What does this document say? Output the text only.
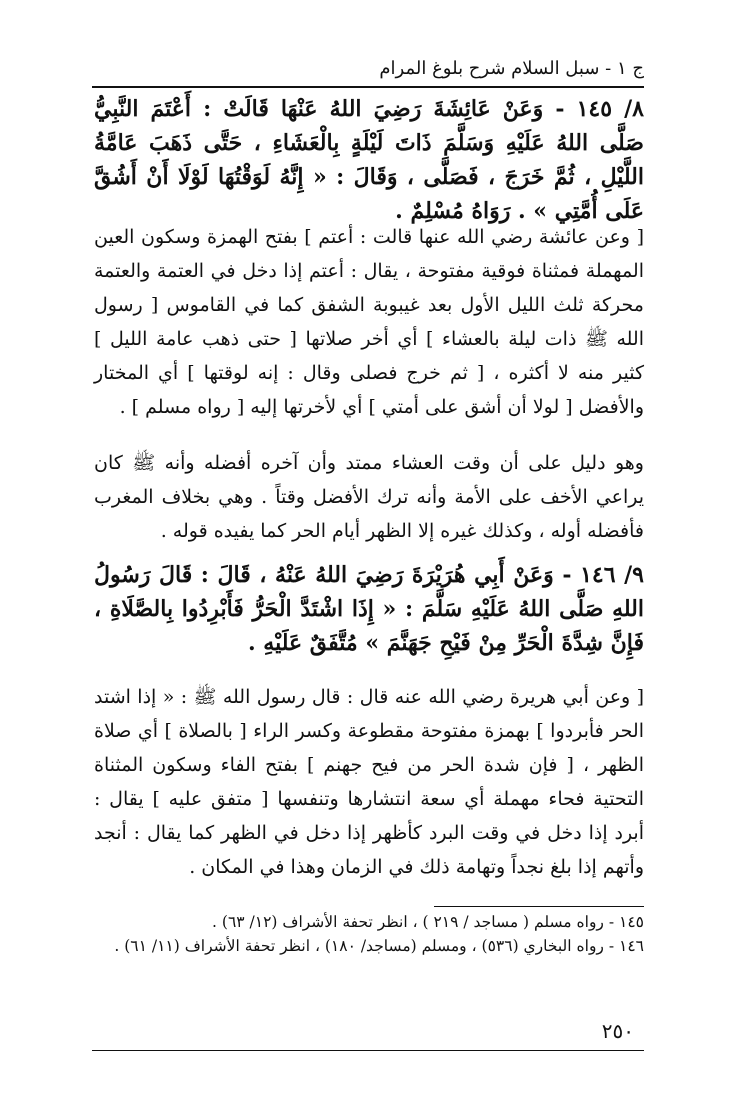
ج ١ - سبل السلام شرح بلوغ المرام

٨/ ١٤٥ - وَعَنْ عَائِشَةَ رَضِيَ اللهُ عَنْهَا قَالَتْ : أَعْتَمَ النَّبِيُّ صَلَّى اللهُ عَلَيْهِ وَسَلَّمَ ذَاتَ لَيْلَةٍ بِالْعَشَاءِ ، حَتَّى ذَهَبَ عَامَّةُ اللَّيْلِ ، ثُمَّ خَرَجَ ، فَصَلَّى ، وَقَالَ : « إِنَّهُ لَوَقْتُهَا لَوْلَا أَنْ أَشُقَّ عَلَى أُمَّتِي » . رَوَاهُ مُسْلِمٌ .

[ وعن عائشة رضي الله عنها قالت : أعتم ] بفتح الهمزة وسكون العين المهملة فمثناة فوقية مفتوحة ، يقال : أعتم إذا دخل في العتمة والعتمة محركة ثلث الليل الأول بعد غيبوبة الشفق كما في القاموس [ رسول الله ﷺ ذات ليلة بالعشاء ] أي أخر صلاتها [ حتى ذهب عامة الليل ] كثير منه لا أكثره ، [ ثم خرج فصلى وقال : إنه لوقتها ] أي المختار والأفضل [ لولا أن أشق على أمتي ] أي لأخرتها إليه [ رواه مسلم ] .

وهو دليل على أن وقت العشاء ممتد وأن آخره أفضله وأنه ﷺ كان يراعي الأخف على الأمة وأنه ترك الأفضل وقتاً . وهي بخلاف المغرب فأفضله أوله ، وكذلك غيره إلا الظهر أيام الحر كما يفيده قوله .

٩/ ١٤٦ - وَعَنْ أَبِي هُرَيْرَةَ رَضِيَ اللهُ عَنْهُ ، قَالَ : قَالَ رَسُولُ اللهِ صَلَّى اللهُ عَلَيْهِ سَلَّمَ : « إِذَا اشْتَدَّ الْحَرُّ فَأَبْرِدُوا بِالصَّلَاةِ ، فَإِنَّ شِدَّةَ الْحَرِّ مِنْ فَيْحِ جَهَنَّمَ » مُتَّفَقٌ عَلَيْهِ .

[ وعن أبي هريرة رضي الله عنه قال : قال رسول الله ﷺ : « إذا اشتد الحر فأبردوا ] بهمزة مفتوحة مقطوعة وكسر الراء [ بالصلاة ] أي صلاة الظهر ، [ فإن شدة الحر من فيح جهنم ] بفتح الفاء وسكون المثناة التحتية فحاء مهملة أي سعة انتشارها وتنفسها [ متفق عليه ] يقال : أبرد إذا دخل في وقت البرد كأظهر إذا دخل في الظهر كما يقال : أنجد وأتهم إذا بلغ نجداً وتهامة ذلك في الزمان وهذا في المكان .

١٤٥ - رواه مسلم ( مساجد / ٢١٩ ) ، انظر تحفة الأشراف (١٢/ ٦٣) .

١٤٦ - رواه البخاري (٥٣٦) ، ومسلم (مساجد/ ١٨٠) ، انظر تحفة الأشراف (١١/ ٦١) .

٢٥٠
